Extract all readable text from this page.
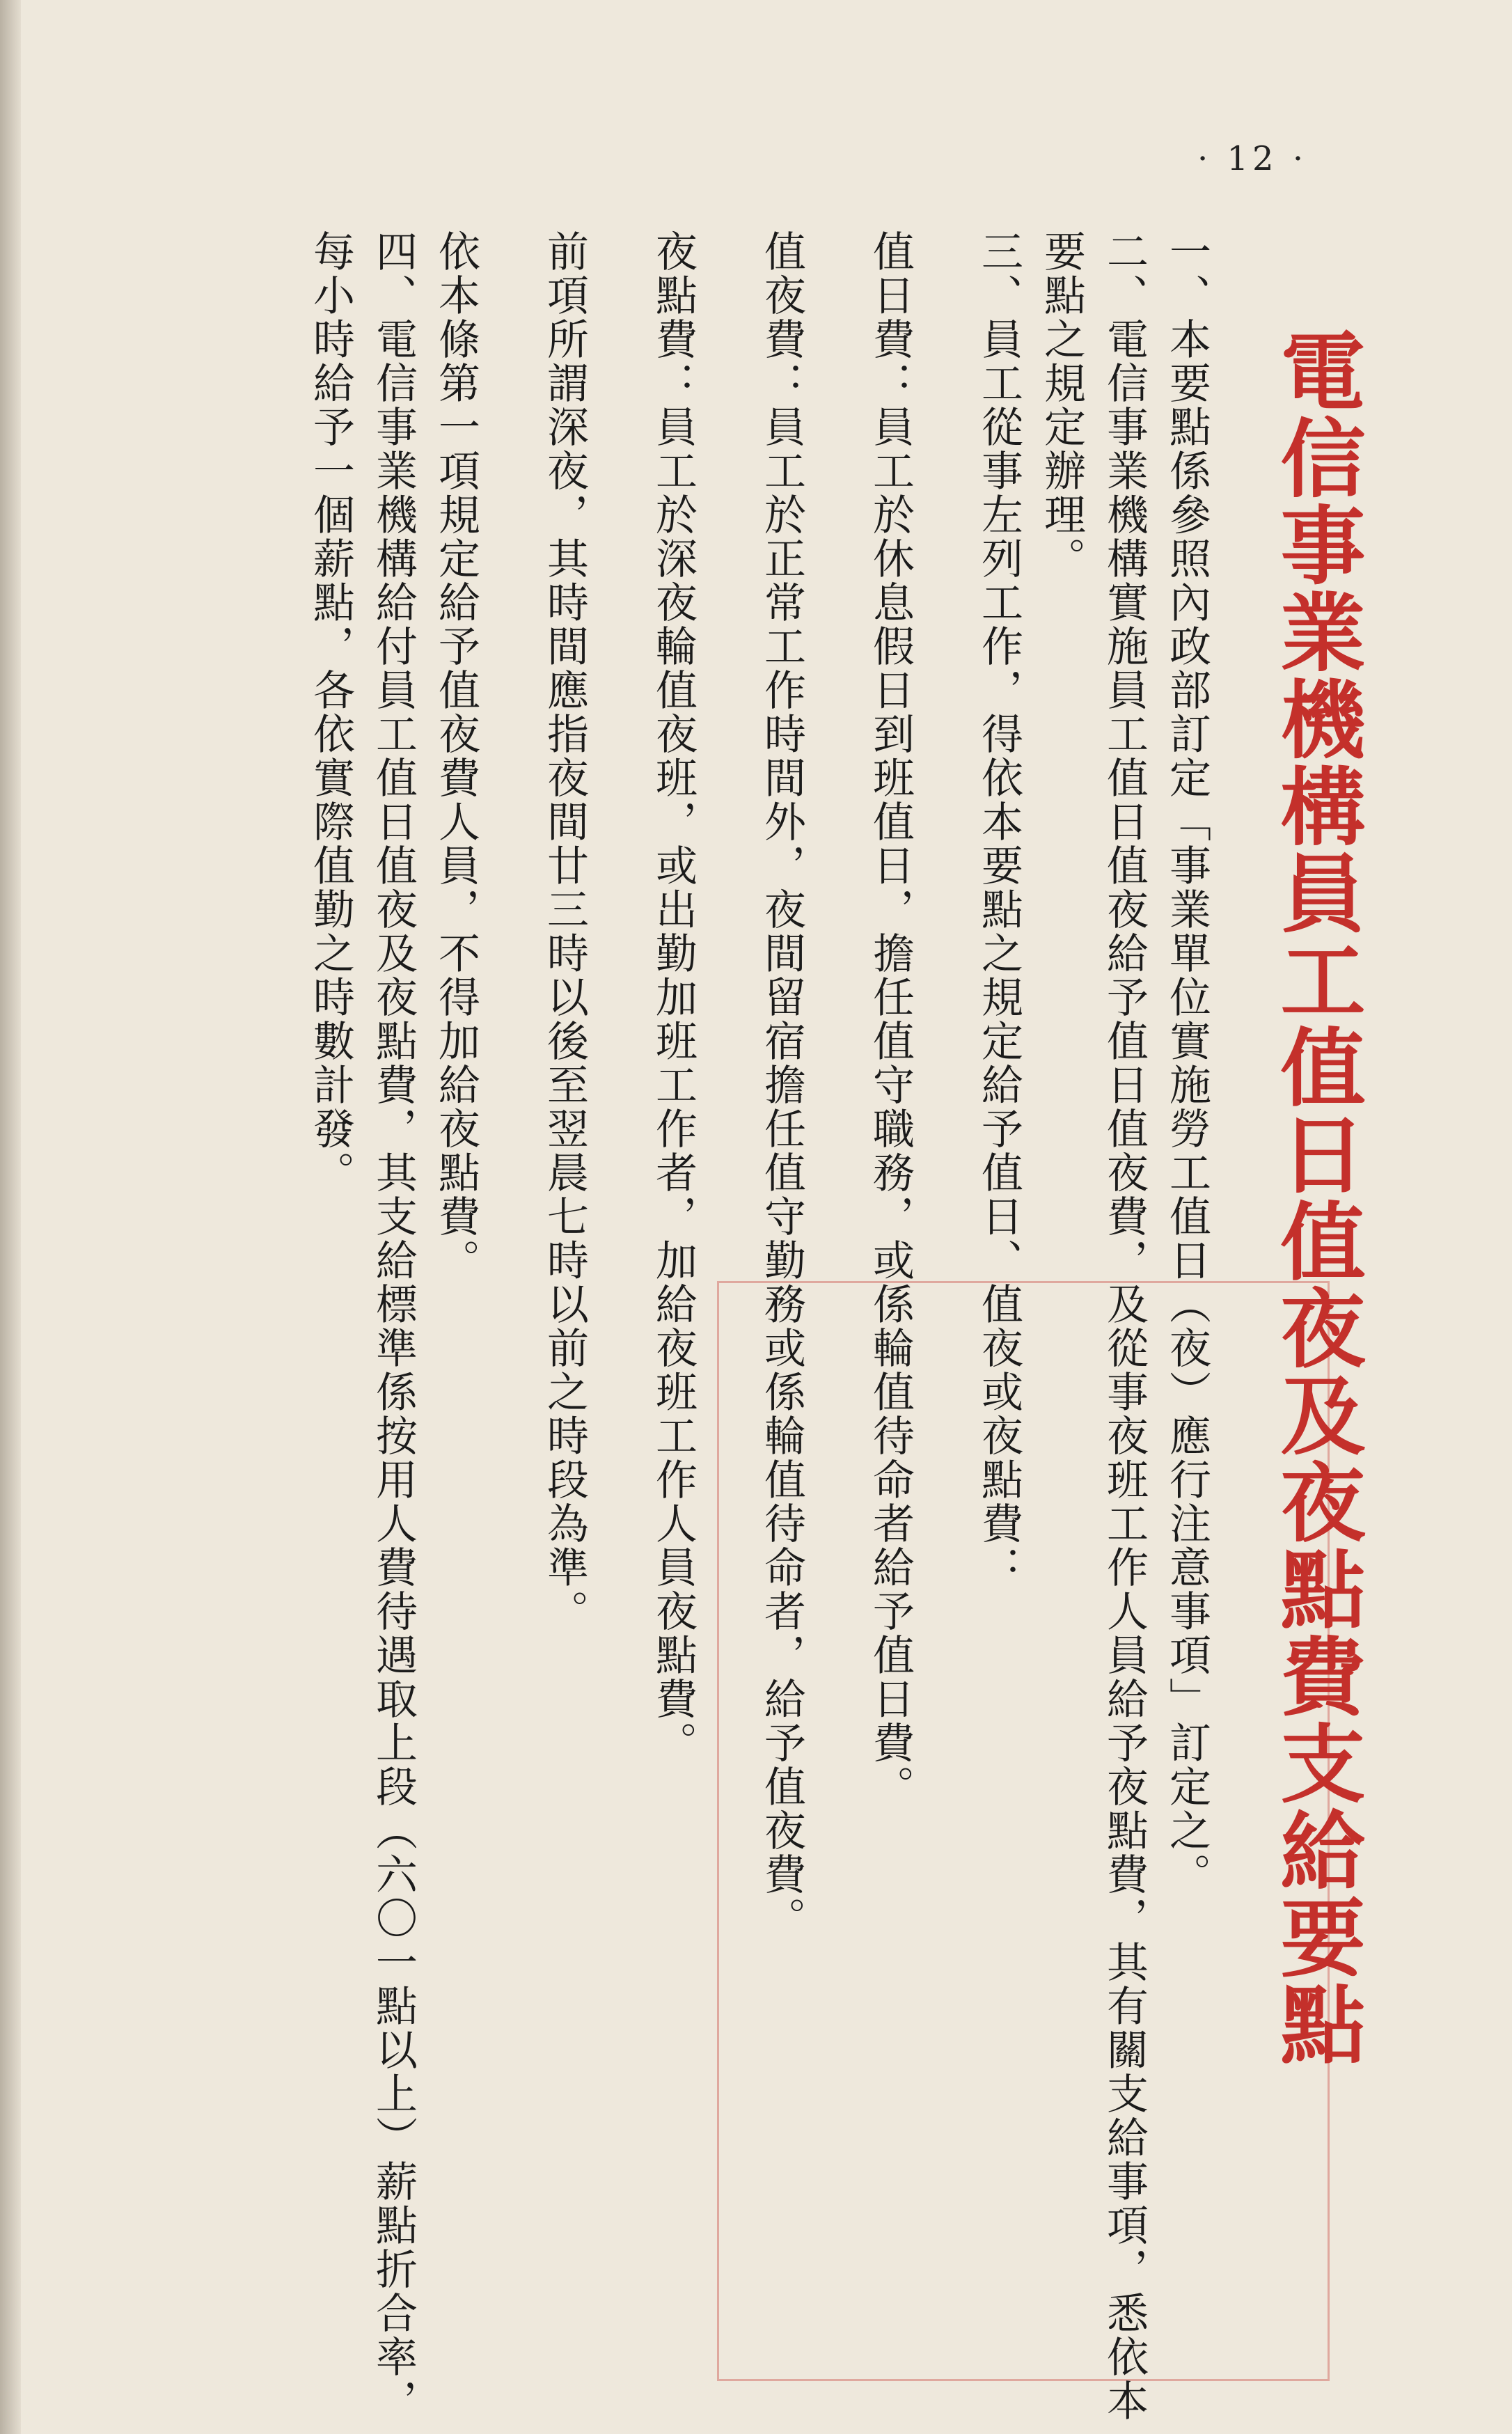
· 12 ·
電信事業機構員工值日值夜及夜點費支給要點

一、本要點係參照內政部訂定「事業單位實施勞工值日（夜）應行注意事項」訂定之。

二、電信事業機構實施員工值日值夜給予值日值夜費，及從事夜班工作人員給予夜點費，其有關支給事項，悉依本要點之規定辦理。

三、員工從事左列工作，得依本要點之規定給予值日、值夜或夜點費：

值日費：員工於休息假日到班值日，擔任值守職務，或係輪值待命者給予值日費。

值夜費：員工於正常工作時間外，夜間留宿擔任值守勤務或係輪值待命者，給予值夜費。

夜點費：員工於深夜輪值夜班，或出勤加班工作者，加給夜班工作人員夜點費。

前項所謂深夜，其時間應指夜間廿三時以後至翌晨七時以前之時段為準。

依本條第一項規定給予值夜費人員，不得加給夜點費。

四、電信事業機構給付員工值日值夜及夜點費，其支給標準係按用人費待遇取上段（六〇一點以上）薪點折合率，每小時給予一個薪點，各依實際值勤之時數計發。
